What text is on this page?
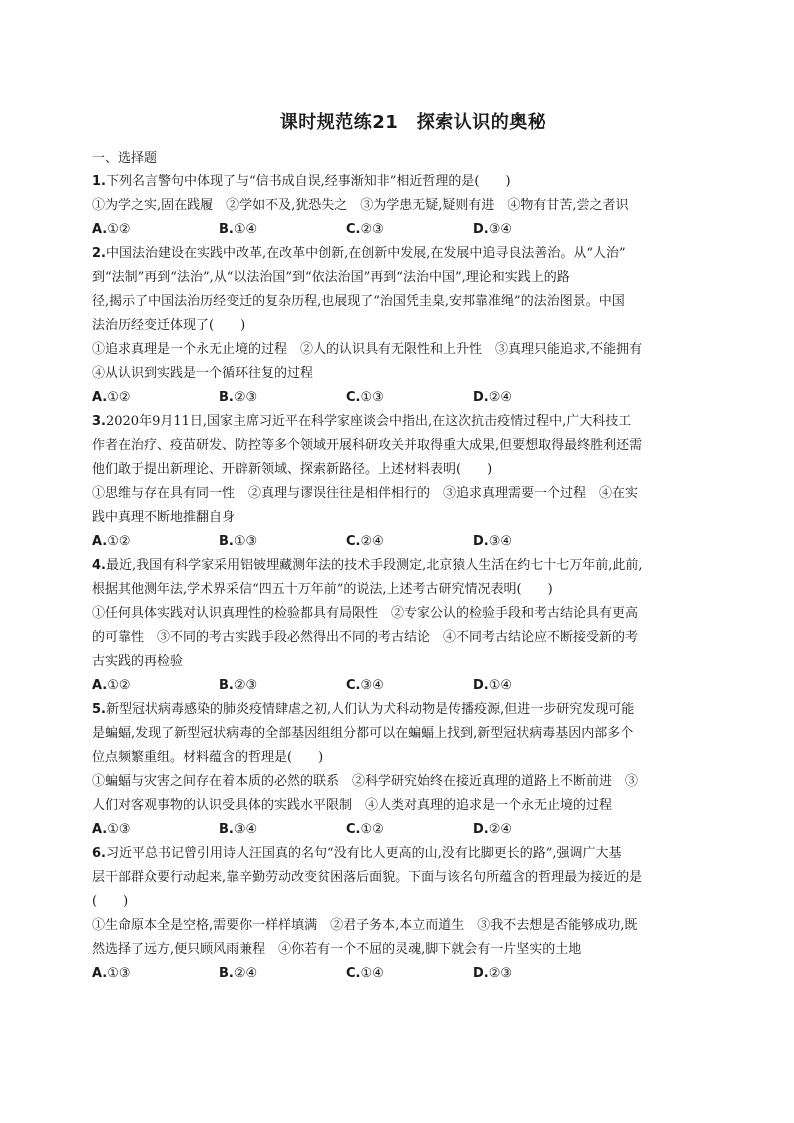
课时规范练21　探索认识的奥秘
一、选择题
1.下列名言警句中体现了与“信书成自误,经事渐知非”相近哲理的是(　　)
①为学之实,固在践履　②学如不及,犹恐失之　③为学患无疑,疑则有进　④物有甘苦,尝之者识
A.①②	B.①④	C.②③	D.③④
2.中国法治建设在实践中改革,在改革中创新,在创新中发展,在发展中追寻良法善治。从“人治”
到“法制”再到“法治”,从“以法治国”到“依法治国”再到“法治中国”,理论和实践上的路
径,揭示了中国法治历经变迁的复杂历程,也展现了“治国凭圭臬,安邦靠准绳”的法治图景。中国
法治历经变迁体现了(　　)
①追求真理是一个永无止境的过程　②人的认识具有无限性和上升性　③真理只能追求,不能拥有
④从认识到实践是一个循环往复的过程
A.①②	B.②③	C.①③	D.②④
3.2020年9月11日,国家主席习近平在科学家座谈会中指出,在这次抗击疫情过程中,广大科技工
作者在治疗、疫苗研发、防控等多个领域开展科研攻关并取得重大成果,但要想取得最终胜利还需
他们敢于提出新理论、开辟新领域、探索新路径。上述材料表明(　　)
①思维与存在具有同一性　②真理与谬误往往是相伴相行的　③追求真理需要一个过程　④在实
践中真理不断地推翻自身
A.①②	B.①③	C.②④	D.③④
4.最近,我国有科学家采用铝铍埋藏测年法的技术手段测定,北京猿人生活在约七十七万年前,此前,
根据其他测年法,学术界采信“四五十万年前”的说法,上述考古研究情况表明(　　)
①任何具体实践对认识真理性的检验都具有局限性　②专家公认的检验手段和考古结论具有更高
的可靠性　③不同的考古实践手段必然得出不同的考古结论　④不同考古结论应不断接受新的考
古实践的再检验
A.①②	B.②③	C.③④	D.①④
5.新型冠状病毒感染的肺炎疫情肆虐之初,人们认为犬科动物是传播疫源,但进一步研究发现可能
是蝙蝠,发现了新型冠状病毒的全部基因组组分都可以在蝙蝠上找到,新型冠状病毒基因内部多个
位点频繁重组。材料蕴含的哲理是(　　)
①蝙蝠与灾害之间存在着本质的必然的联系　②科学研究始终在接近真理的道路上不断前进　③
人们对客观事物的认识受具体的实践水平限制　④人类对真理的追求是一个永无止境的过程
A.①③	B.③④	C.①②	D.②④
6.习近平总书记曾引用诗人汪国真的名句“没有比人更高的山,没有比脚更长的路”,强调广大基
层干部群众要行动起来,靠辛勤劳动改变贫困落后面貌。下面与该名句所蕴含的哲理最为接近的是
(　　)
①生命原本全是空格,需要你一样样填满　②君子务本,本立而道生　③我不去想是否能够成功,既
然选择了远方,便只顾风雨兼程　④你若有一个不屈的灵魂,脚下就会有一片坚实的土地
A.①③	B.②④	C.①④	D.②③
